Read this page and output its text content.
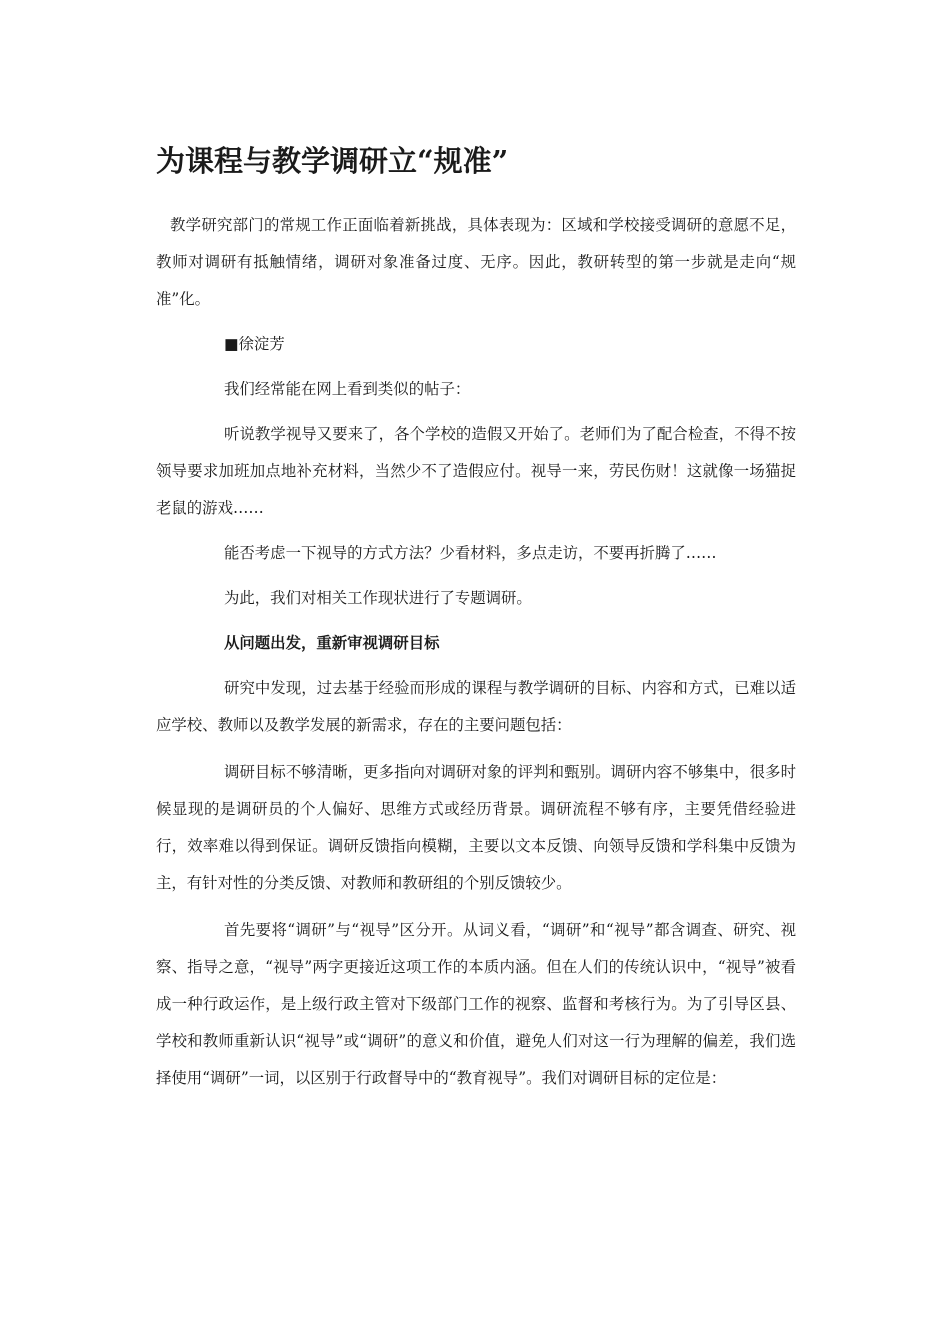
为课程与教学调研立“规准”

教学研究部门的常规工作正面临着新挑战，具体表现为：区域和学校接受调研的意愿不足，教师对调研有抵触情绪，调研对象准备过度、无序。因此，教研转型的第一步就是走向“规准”化。

■徐淀芳

我们经常能在网上看到类似的帖子：

听说教学视导又要来了，各个学校的造假又开始了。老师们为了配合检查，不得不按领导要求加班加点地补充材料，当然少不了造假应付。视导一来，劳民伤财！这就像一场猫捉老鼠的游戏……

能否考虑一下视导的方式方法？少看材料，多点走访，不要再折腾了……

为此，我们对相关工作现状进行了专题调研。

从问题出发，重新审视调研目标

研究中发现，过去基于经验而形成的课程与教学调研的目标、内容和方式，已难以适应学校、教师以及教学发展的新需求，存在的主要问题包括：

调研目标不够清晰，更多指向对调研对象的评判和甄别。调研内容不够集中，很多时候显现的是调研员的个人偏好、思维方式或经历背景。调研流程不够有序，主要凭借经验进行，效率难以得到保证。调研反馈指向模糊，主要以文本反馈、向领导反馈和学科集中反馈为主，有针对性的分类反馈、对教师和教研组的个别反馈较少。

首先要将“调研”与“视导”区分开。从词义看，“调研”和“视导”都含调查、研究、视察、指导之意，“视导”两字更接近这项工作的本质内涵。但在人们的传统认识中，“视导”被看成一种行政运作，是上级行政主管对下级部门工作的视察、监督和考核行为。为了引导区县、学校和教师重新认识“视导”或“调研”的意义和价值，避免人们对这一行为理解的偏差，我们选择使用“调研”一词，以区别于行政督导中的“教育视导”。我们对调研目标的定位是：
